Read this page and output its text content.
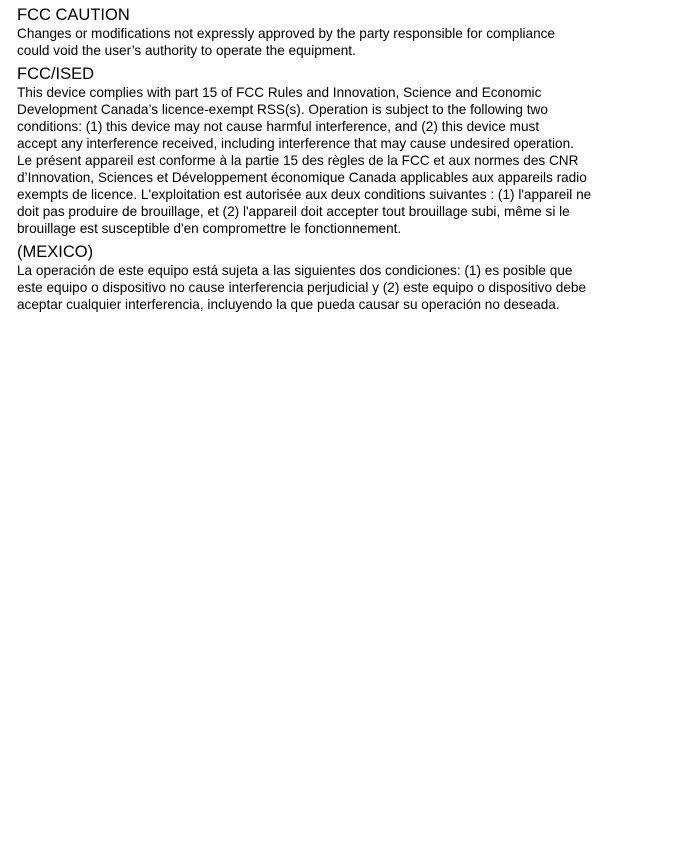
FCC CAUTION

Changes or modifications not expressly approved by the party responsible for compliance
could void the user’s authority to operate the equipment.

FCC/ISED

This device complies with part 15 of FCC Rules and Innovation, Science and Economic
Development Canada’s licence-exempt RSS(s). Operation is subject to the following two
conditions: (1) this device may not cause harmful interference, and (2) this device must
accept any interference received, including interference that may cause undesired operation.
Le présent appareil est conforme à la partie 15 des règles de la FCC et aux normes des CNR
d’Innovation, Sciences et Développement économique Canada applicables aux appareils radio
exempts de licence. L'exploitation est autorisée aux deux conditions suivantes : (1) l'appareil ne
doit pas produire de brouillage, et (2) l'appareil doit accepter tout brouillage subi, même si le
brouillage est susceptible d'en compromettre le fonctionnement.

(MEXICO)

La operación de este equipo está sujeta a las siguientes dos condiciones: (1) es posible que
este equipo o dispositivo no cause interferencia perjudicial y (2) este equipo o dispositivo debe
aceptar cualquier interferencia, incluyendo la que pueda causar su operación no deseada.
